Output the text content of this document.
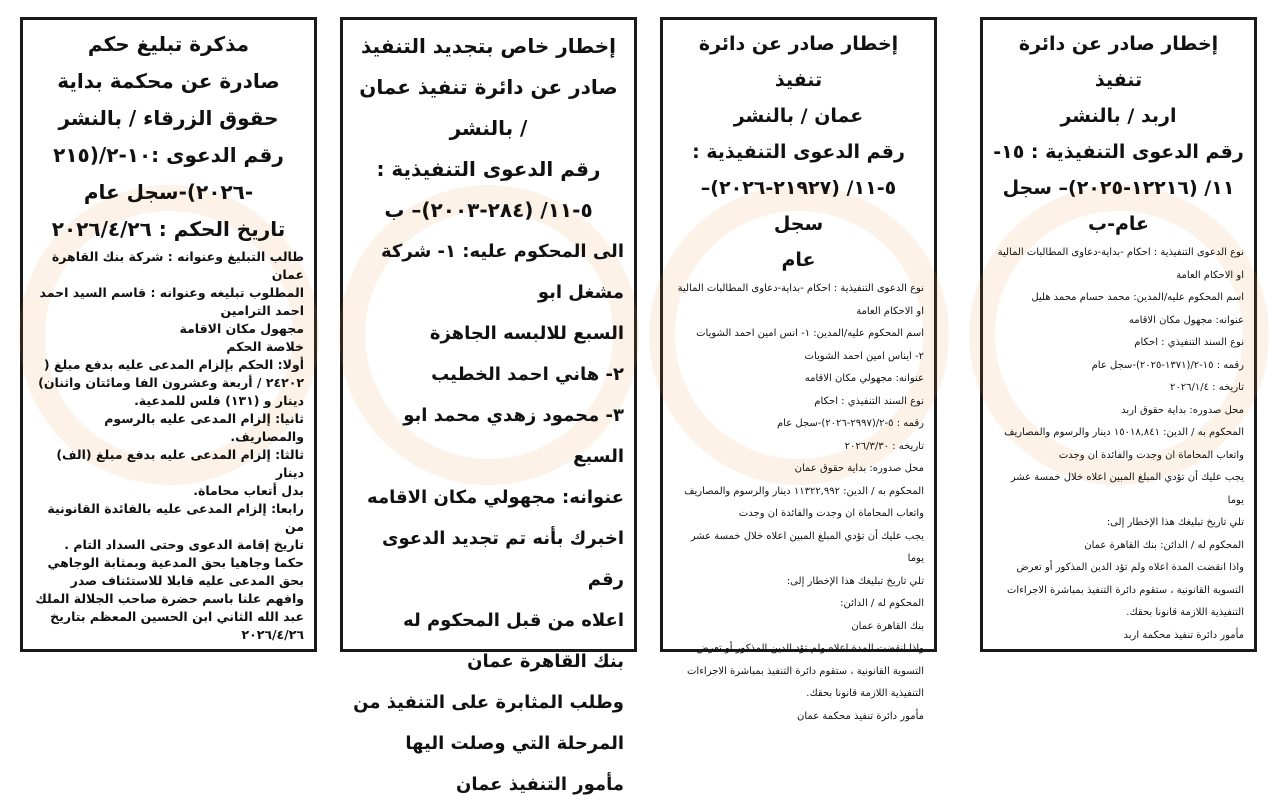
مذكرة تبليغ حكم
صادرة عن محكمة بداية
حقوق الزرقاء / بالنشر
رقم الدعوى :١٠-٢/(٢١٥
-٢٠٢٦)-سجل عام
تاريخ الحكم : ٢٠٢٦/٤/٢٦
طالب التبليغ وعنوانه : شركة بنك القاهرة
عمان
المطلوب تبليغه وعنوانه : قاسم السيد احمد
احمد الترامين
مجهول مكان الاقامة
خلاصة الحكم
أولا: الحكم بإلزام المدعى عليه بدفع مبلغ (
٢٤٢٠٢ / أربعة وعشرون الفا ومائتان واثنان)
دينار و (١٣١) فلس للمدعية.
ثانيا: إلزام المدعى عليه بالرسوم والمصاريف.
ثالثا: إلزام المدعى عليه بدفع مبلغ (الف) دينار
بدل أتعاب محاماة.
رابعا: إلزام المدعى عليه بالفائدة القانونية من
تاريخ إقامة الدعوى وحتى السداد التام .
حكما وجاهيا بحق المدعية وبمثابة الوجاهي
بحق المدعى عليه قابلا للاستئناف صدر
وافهم علنا باسم حضرة صاحب الجلالة الملك
عبد الله الثاني ابن الحسين المعظم بتاريخ
٢٠٢٦/٤/٢٦
إخطار خاص بتجديد التنفيذ
صادر عن دائرة تنفيذ عمان
/ بالنشر
رقم الدعوى التنفيذية :
٥-١١/ (٢٨٤-٢٠٠٣)– ب
الى المحكوم عليه: ١- شركة مشغل ابو
السبع للالبسه الجاهزة
٢- هاني احمد الخطيب
٣- محمود زهدي محمد ابو السبع
عنوانه: مجهولي مكان الاقامه
اخبرك بأنه تم تجديد الدعوى رقم
اعلاه من قبل المحكوم له
بنك القاهرة عمان
وطلب المثابرة على التنفيذ من
المرحلة التي وصلت اليها
مأمور التنفيذ عمان
إخطار صادر عن دائرة تنفيذ
عمان / بالنشر
رقم الدعوى التنفيذية :
٥-١١/ (٢١٩٢٧-٢٠٢٦)– سجل
عام
نوع الدعوى التنفيذية : احكام -بداية-دعاوى المطالبات المالية
او الاحكام العامة
اسم المحكوم عليه/المدين: ١- انس امين احمد الشويات
٢- ايناس امين احمد الشويات
عنوانه: مجهولي مكان الاقامه
نوع السند التنفيذي : احكام
رقمه : ٥-٢/(٢٩٩٧-٢٠٢٦)-سجل عام
تاريخه : ٢٠٢٦/٣/٣٠
محل صدوره: بداية حقوق عمان
المحكوم به / الدين: ١١٣٢٢,٩٩٢ دينار والرسوم والمصاريف
واتعاب المحاماة ان وجدت والفائدة ان وجدت
يجب عليك أن تؤدي المبلغ المبين اعلاه خلال خمسة عشر يوما
تلي تاريخ تبليغك هذا الإخطار إلى:
المحكوم له / الدائن:
بنك القاهرة عمان
واذا انقضت المدة اعلاه ولم تؤد الدين المذكور أو تعرض
التسوية القانونية ، ستقوم دائرة التنفيذ بمباشرة الاجراءات
التنفيذية اللازمة قانونا بحقك.
مأمور دائرة تنفيذ محكمة عمان
إخطار صادر عن دائرة تنفيذ
اربد / بالنشر
رقم الدعوى التنفيذية : ١٥-
١١/ (١٢٢١٦-٢٠٢٥)– سجل
عام-ب
نوع الدعوى التنفيذية : احكام -بداية-دعاوى المطالبات المالية
او الاحكام العامة
اسم المحكوم عليه/المدين: محمد حسام محمد هليل
عنوانه: مجهول مكان الاقامه
نوع السند التنفيذي : احكام
رقمه : ١٥-٢/(١٣٧١-٢٠٢٥)-سجل عام
تاريخه : ٢٠٢٦/١/٤
محل صدوره: بداية حقوق اربد
المحكوم به / الدين: ١٥٠١٨,٨٤١ دينار والرسوم والمصاريف
واتعاب المحاماة ان وجدت والفائدة ان وجدت
يجب عليك أن تؤدي المبلغ المبين اعلاه خلال خمسة عشر يوما
تلي تاريخ تبليغك هذا الإخطار إلى:
المحكوم له / الدائن: بنك القاهرة عمان
واذا انقضت المدة اعلاه ولم تؤد الدين المذكور أو تعرض
التسوية القانونية ، ستقوم دائرة التنفيذ بمباشرة الاجراءات
التنفيذية اللازمة قانونا بحقك.
مأمور دائرة تنفيذ محكمة اربد
